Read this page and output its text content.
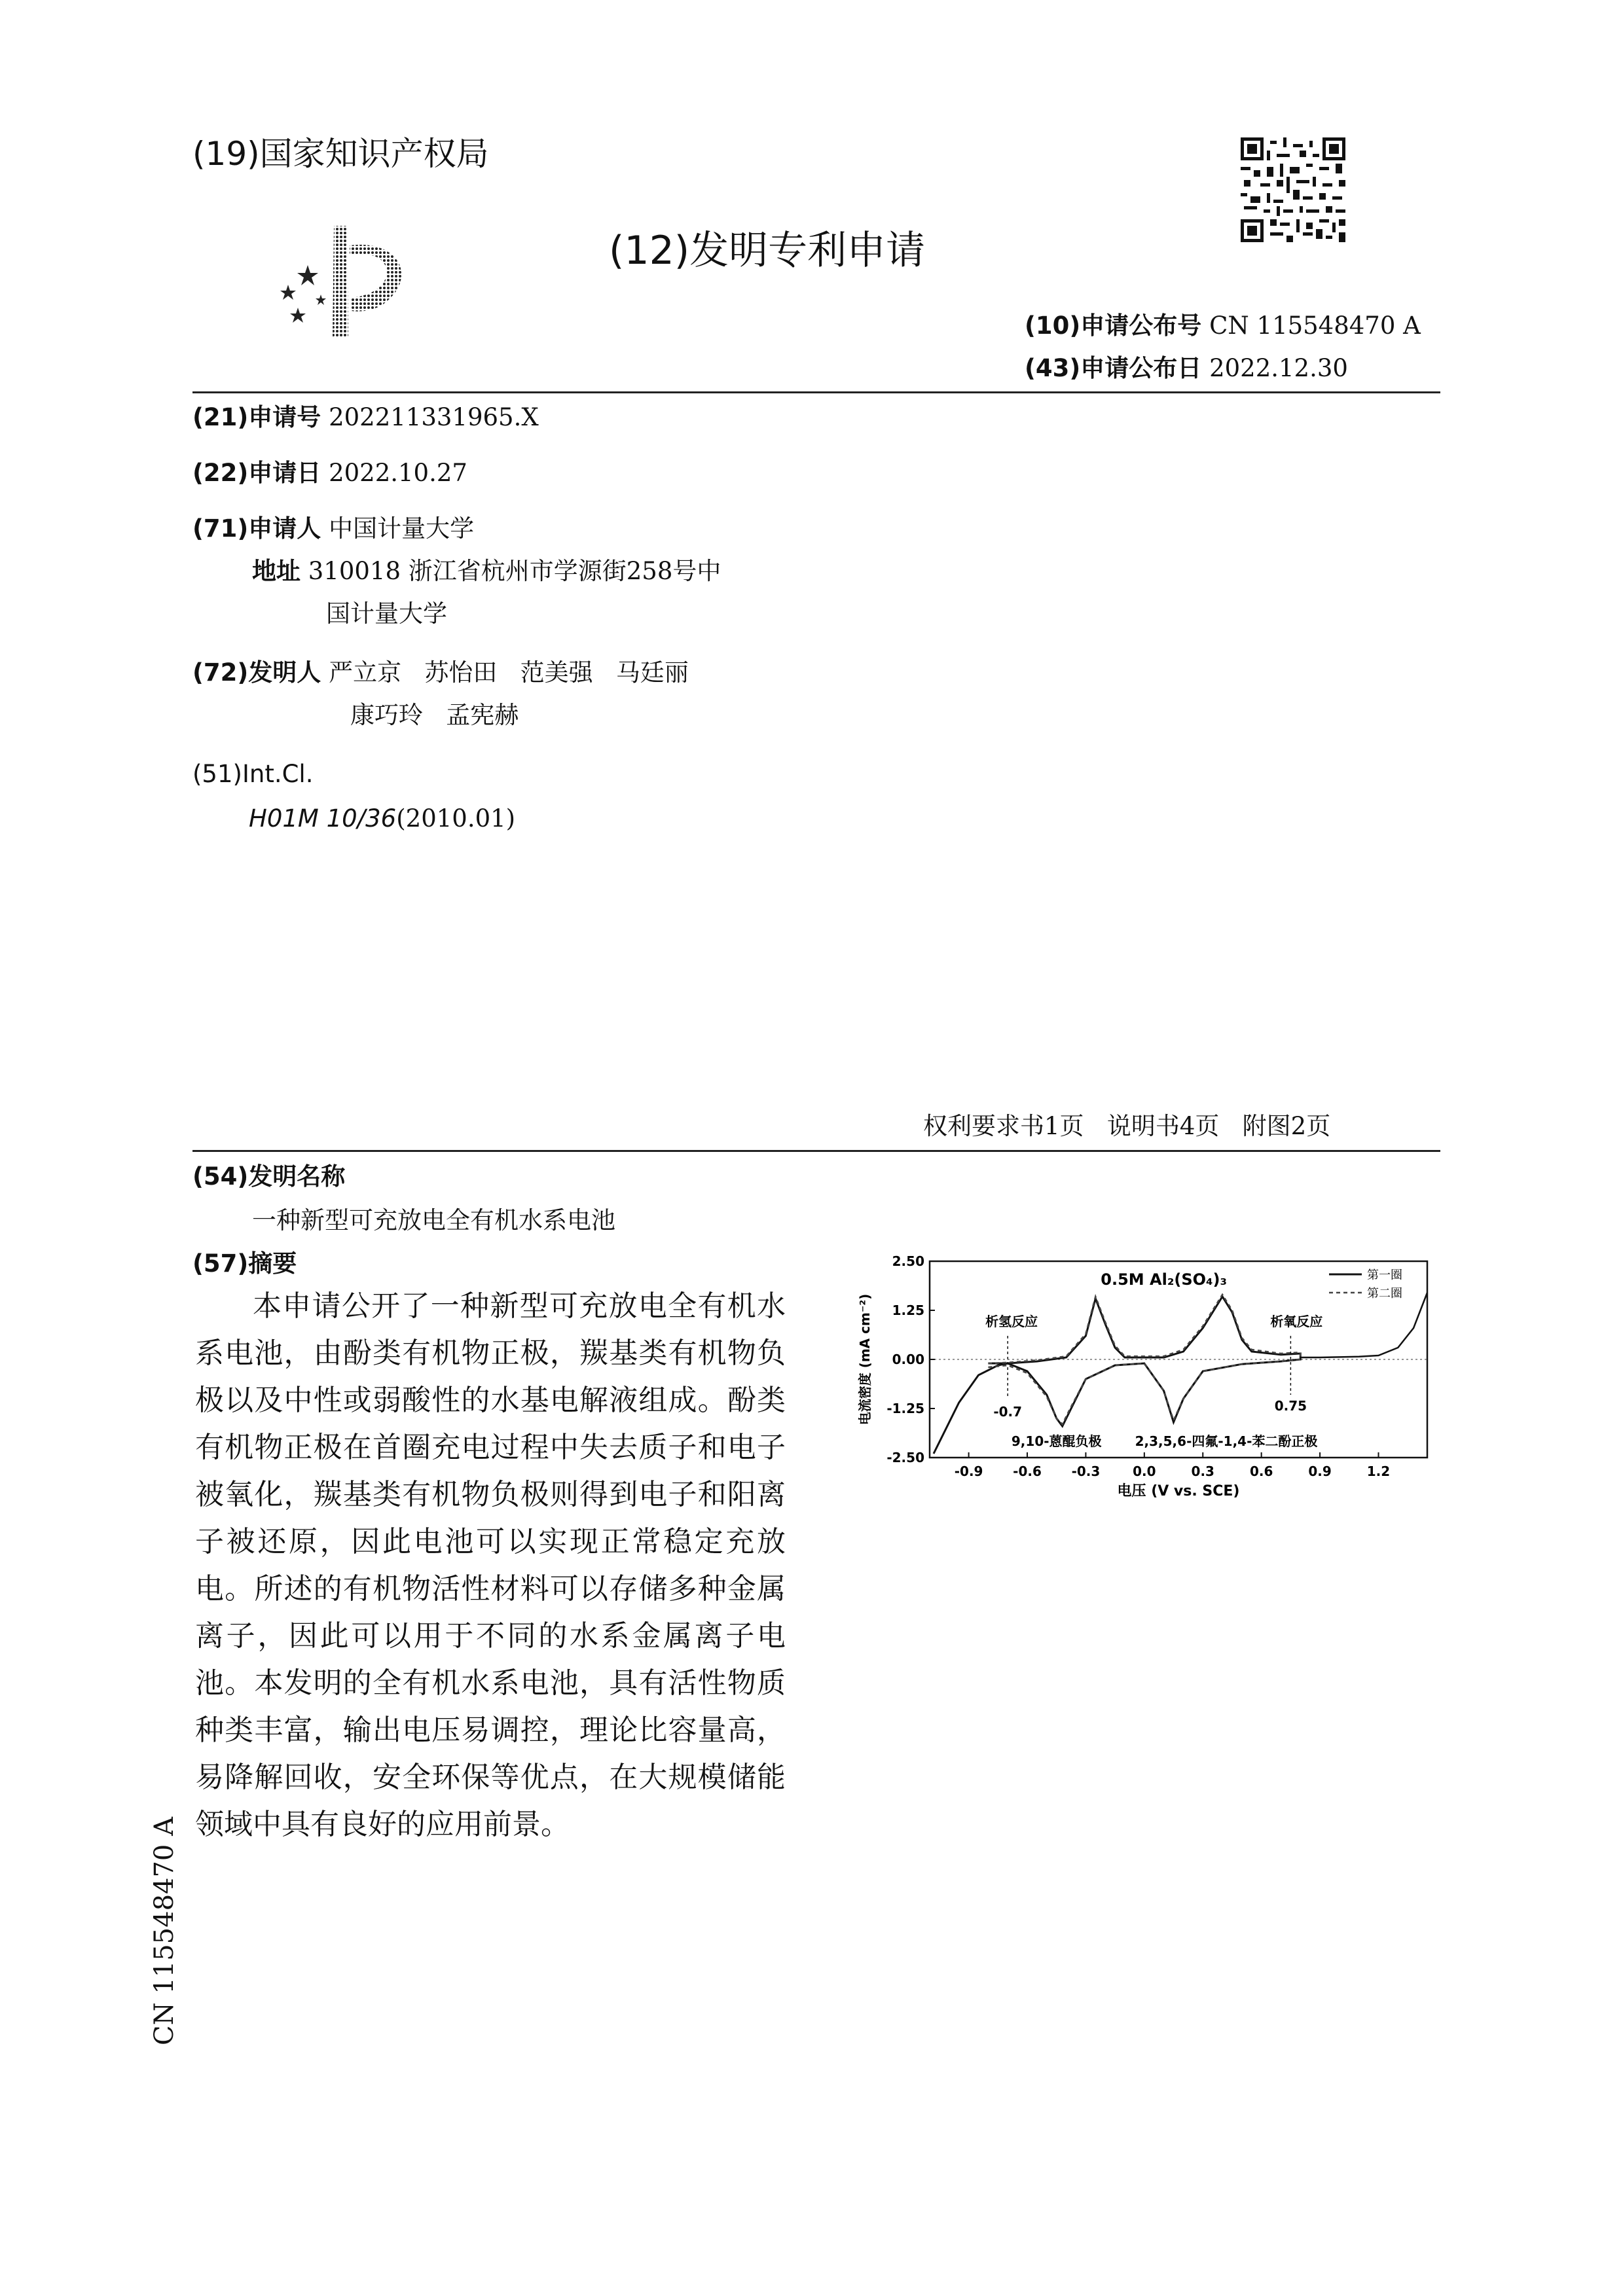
(19)国家知识产权局
(12)发明专利申请
(10)申请公布号 CN 115548470 A
(43)申请公布日 2022.12.30
(21)申请号 202211331965.X
(22)申请日 2022.10.27
(71)申请人 中国计量大学
地址 310018 浙江省杭州市学源街258号中
国计量大学
(72)发明人 严立京   苏怡田   范美强   马廷丽
康巧玲   孟宪赫
(51)Int.Cl.
H01M 10/36(2010.01)
权利要求书1页   说明书4页   附图2页
(54)发明名称
一种新型可充放电全有机水系电池
(57)摘要
本申请公开了一种新型可充放电全有机水系电池，由酚类有机物正极，羰基类有机物负极以及中性或弱酸性的水基电解液组成。酚类有机物正极在首圈充电过程中失去质子和电子被氧化，羰基类有机物负极则得到电子和阳离子被还原，因此电池可以实现正常稳定充放电。所述的有机物活性材料可以存储多种金属离子，因此可以用于不同的水系金属离子电池。本发明的全有机水系电池，具有活性物质种类丰富，输出电压易调控，理论比容量高，易降解回收，安全环保等优点，在大规模储能领域中具有良好的应用前景。
CN 115548470 A
2.50
1.25
0.00
-1.25
-2.50
-0.9 -0.6 -0.3 0.0	0.3	0.6	0.9	1.2
电压 (V vs. SCE)
电流密度 (mA cm⁻²)
第一圈
第二圈
0.5M Al₂(SO₄)₃
析氢反应	析氧反应
-0.7	0.75
9,10-蒽醌负极	2,3,5,6-四氟-1,4-苯二酚正极
